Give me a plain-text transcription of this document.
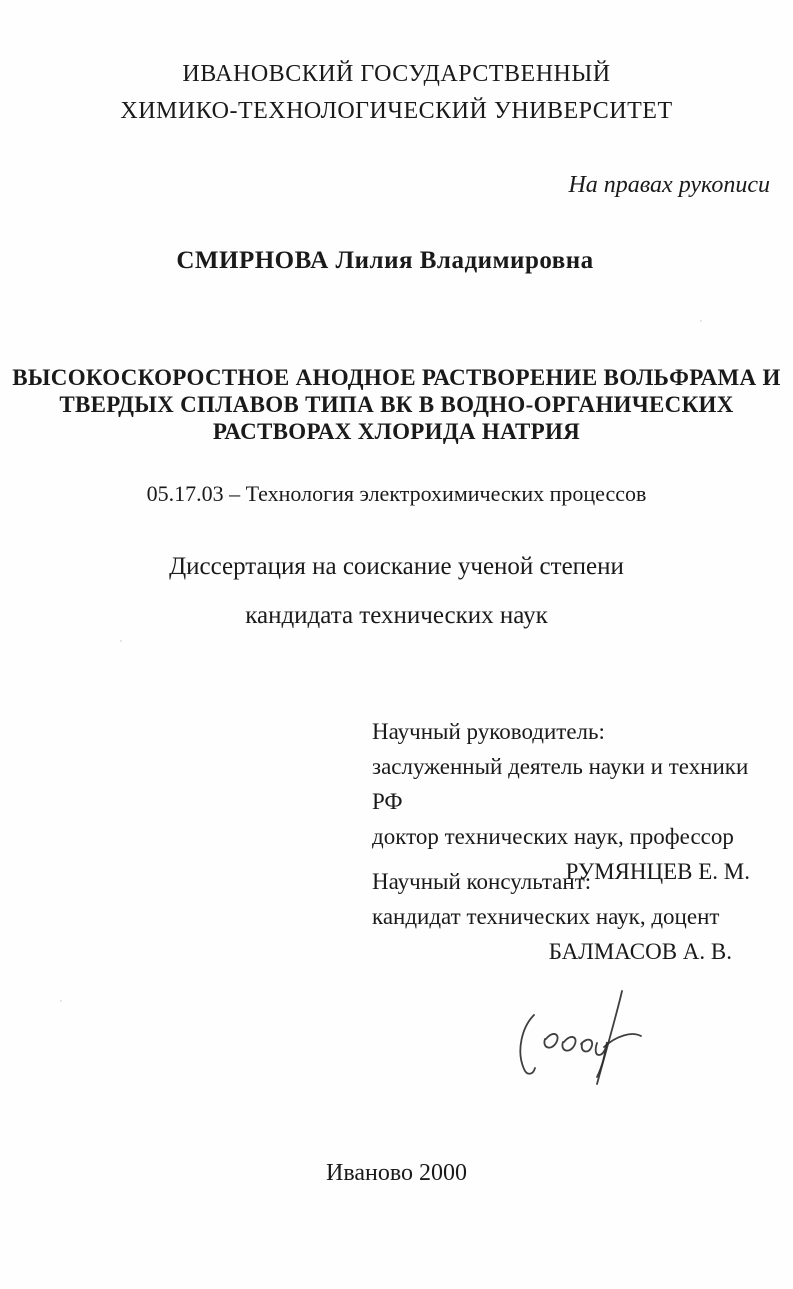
ИВАНОВСКИЙ ГОСУДАРСТВЕННЫЙ
ХИМИКО-ТЕХНОЛОГИЧЕСКИЙ УНИВЕРСИТЕТ
На правах рукописи
СМИРНОВА Лилия Владимировна
ВЫСОКОСКОРОСТНОЕ АНОДНОЕ РАСТВОРЕНИЕ ВОЛЬФРАМА И
ТВЕРДЫХ СПЛАВОВ ТИПА ВК В ВОДНО-ОРГАНИЧЕСКИХ
РАСТВОРАХ ХЛОРИДА НАТРИЯ
05.17.03 – Технология электрохимических процессов
Диссертация на соискание ученой степени
кандидата технических наук
Научный руководитель:
заслуженный деятель науки и техники РФ
доктор технических наук, профессор
РУМЯНЦЕВ Е. М.
Научный консультант:
кандидат технических наук, доцент
БАЛМАСОВ А. В.
Иваново 2000
